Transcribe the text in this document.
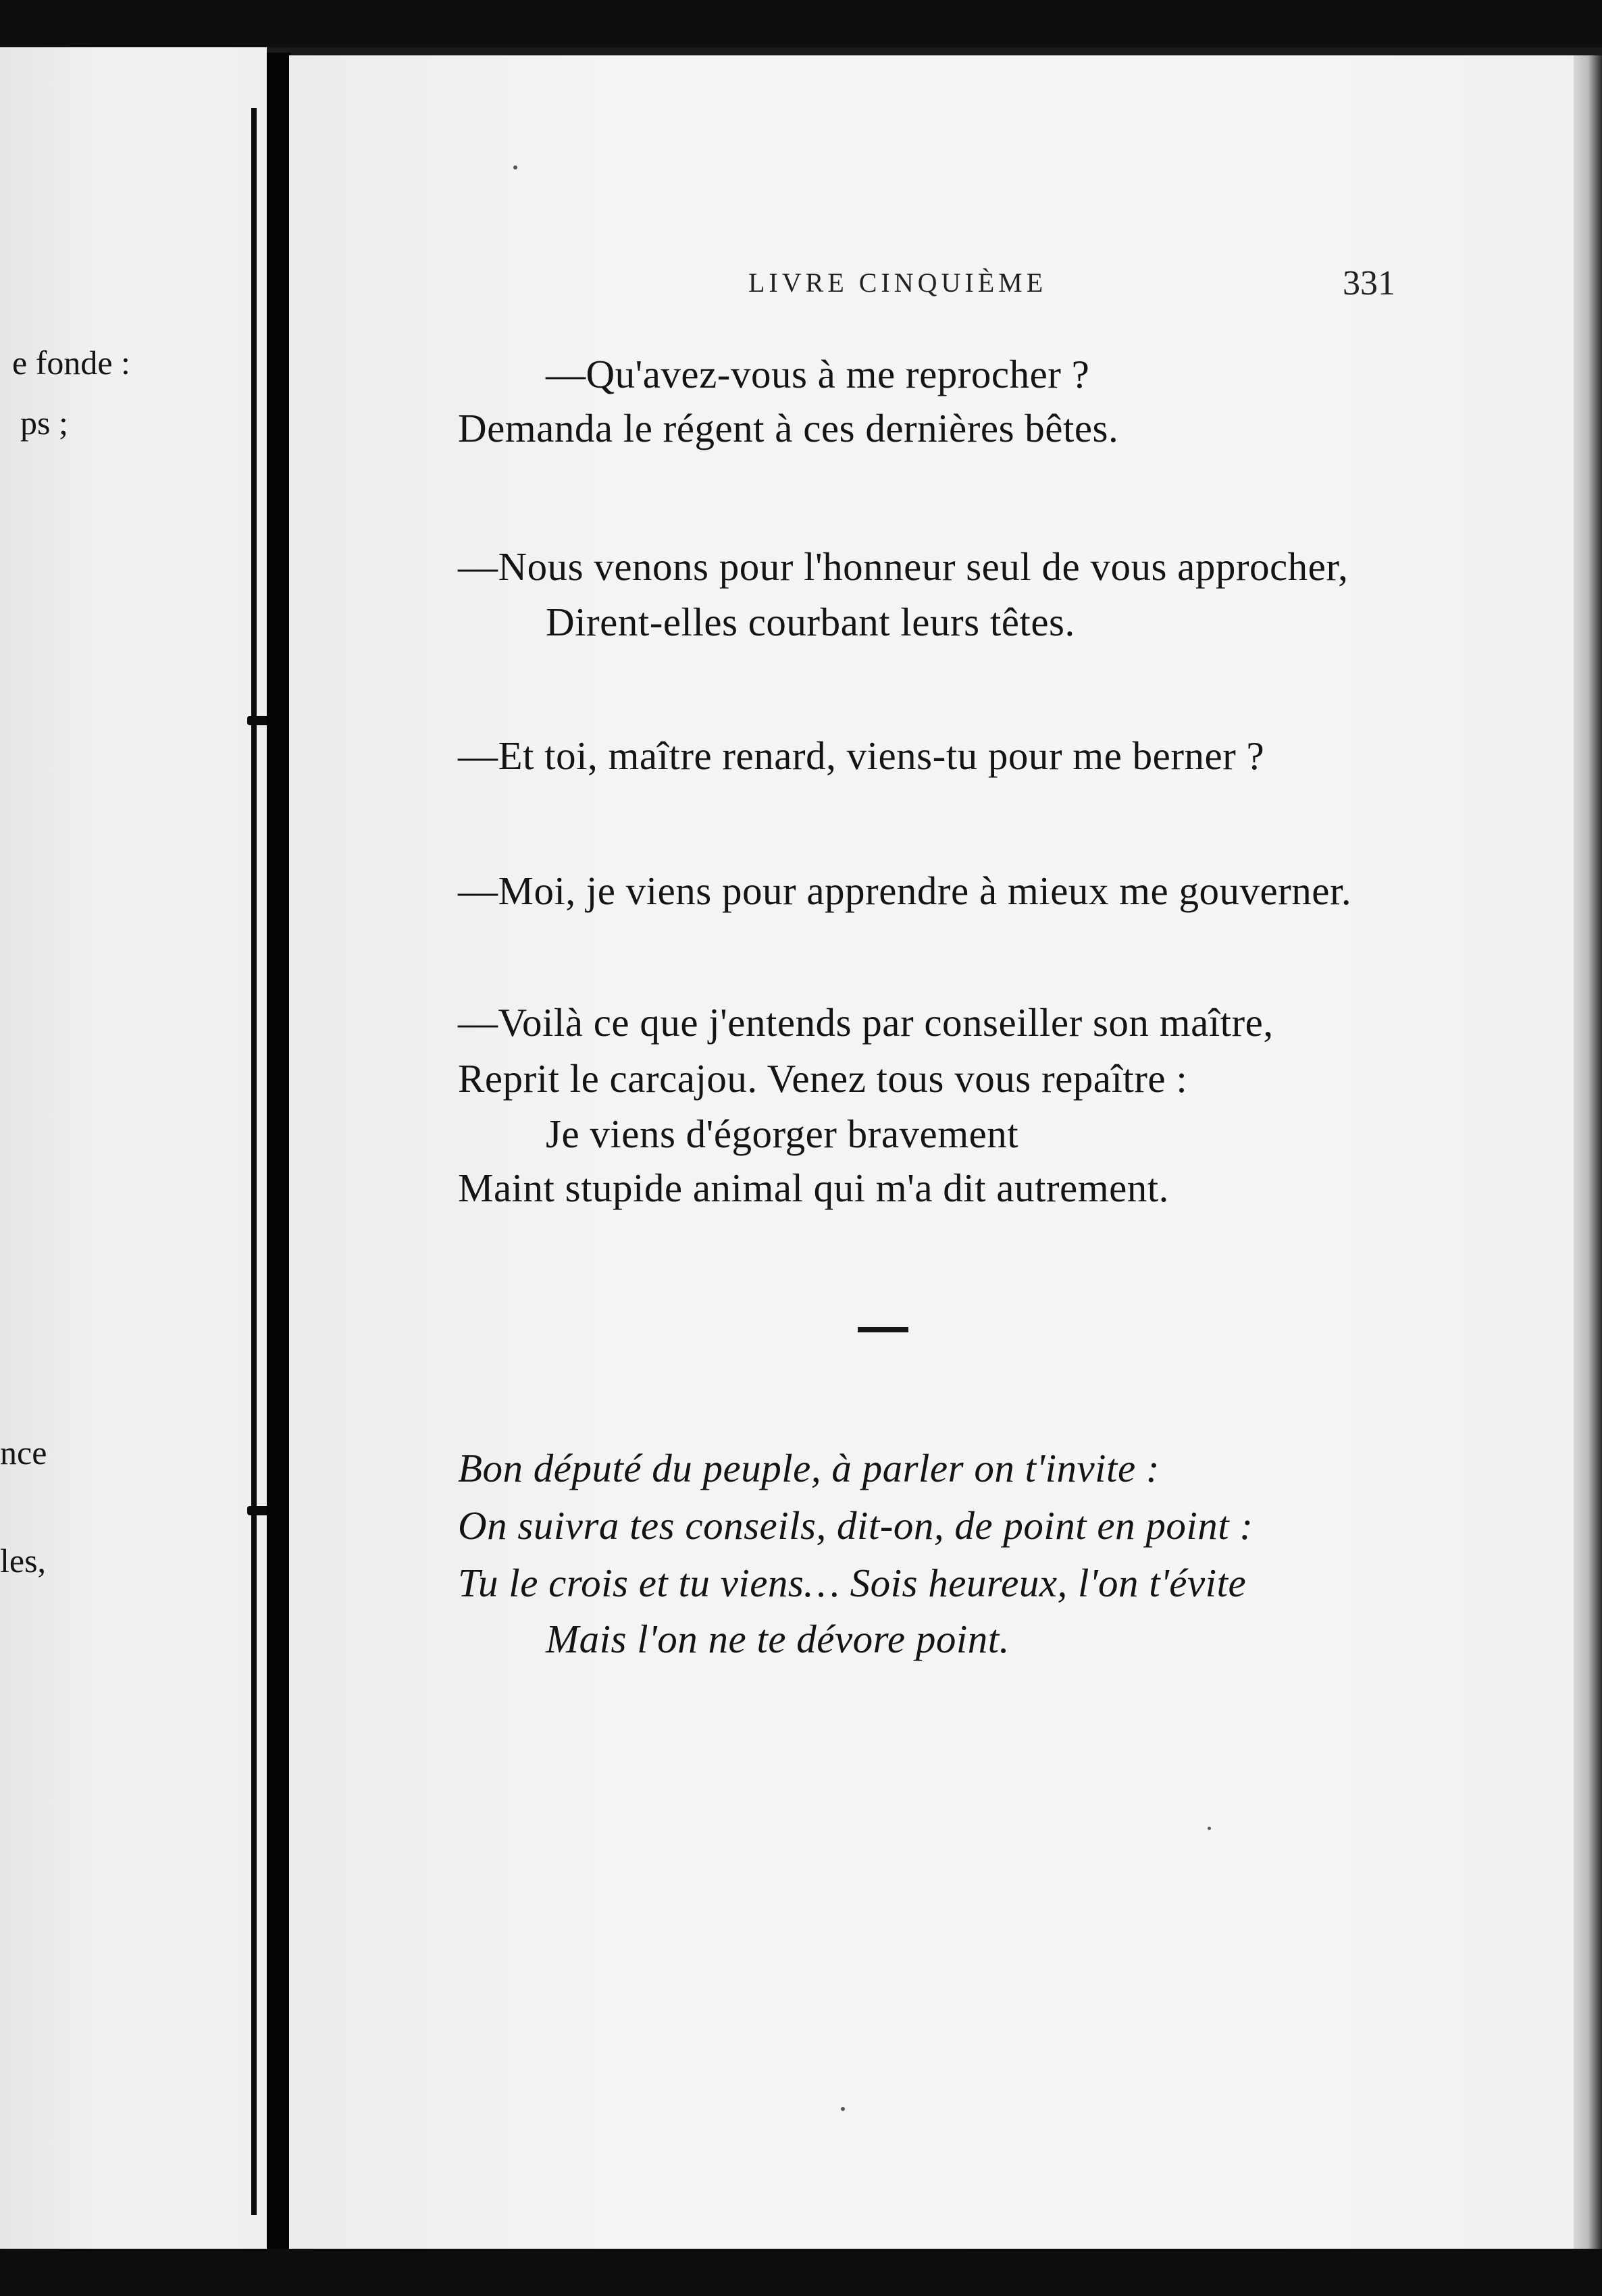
e fonde :
ps ;
nce
les,
LIVRE CINQUIÈME	331
—Qu'avez-vous à me reprocher ?
Demanda le régent à ces dernières bêtes.
—Nous venons pour l'honneur seul de vous approcher,
Dirent-elles courbant leurs têtes.
—Et toi, maître renard, viens-tu pour me berner ?
—Moi, je viens pour apprendre à mieux me gouverner.
—Voilà ce que j'entends par conseiller son maître,
Reprit le carcajou. Venez tous vous repaître :
Je viens d'égorger bravement
Maint stupide animal qui m'a dit autrement.
Bon député du peuple, à parler on t'invite :
On suivra tes conseils, dit-on, de point en point :
Tu le crois et tu viens… Sois heureux, l'on t'évite
Mais l'on ne te dévore point.
